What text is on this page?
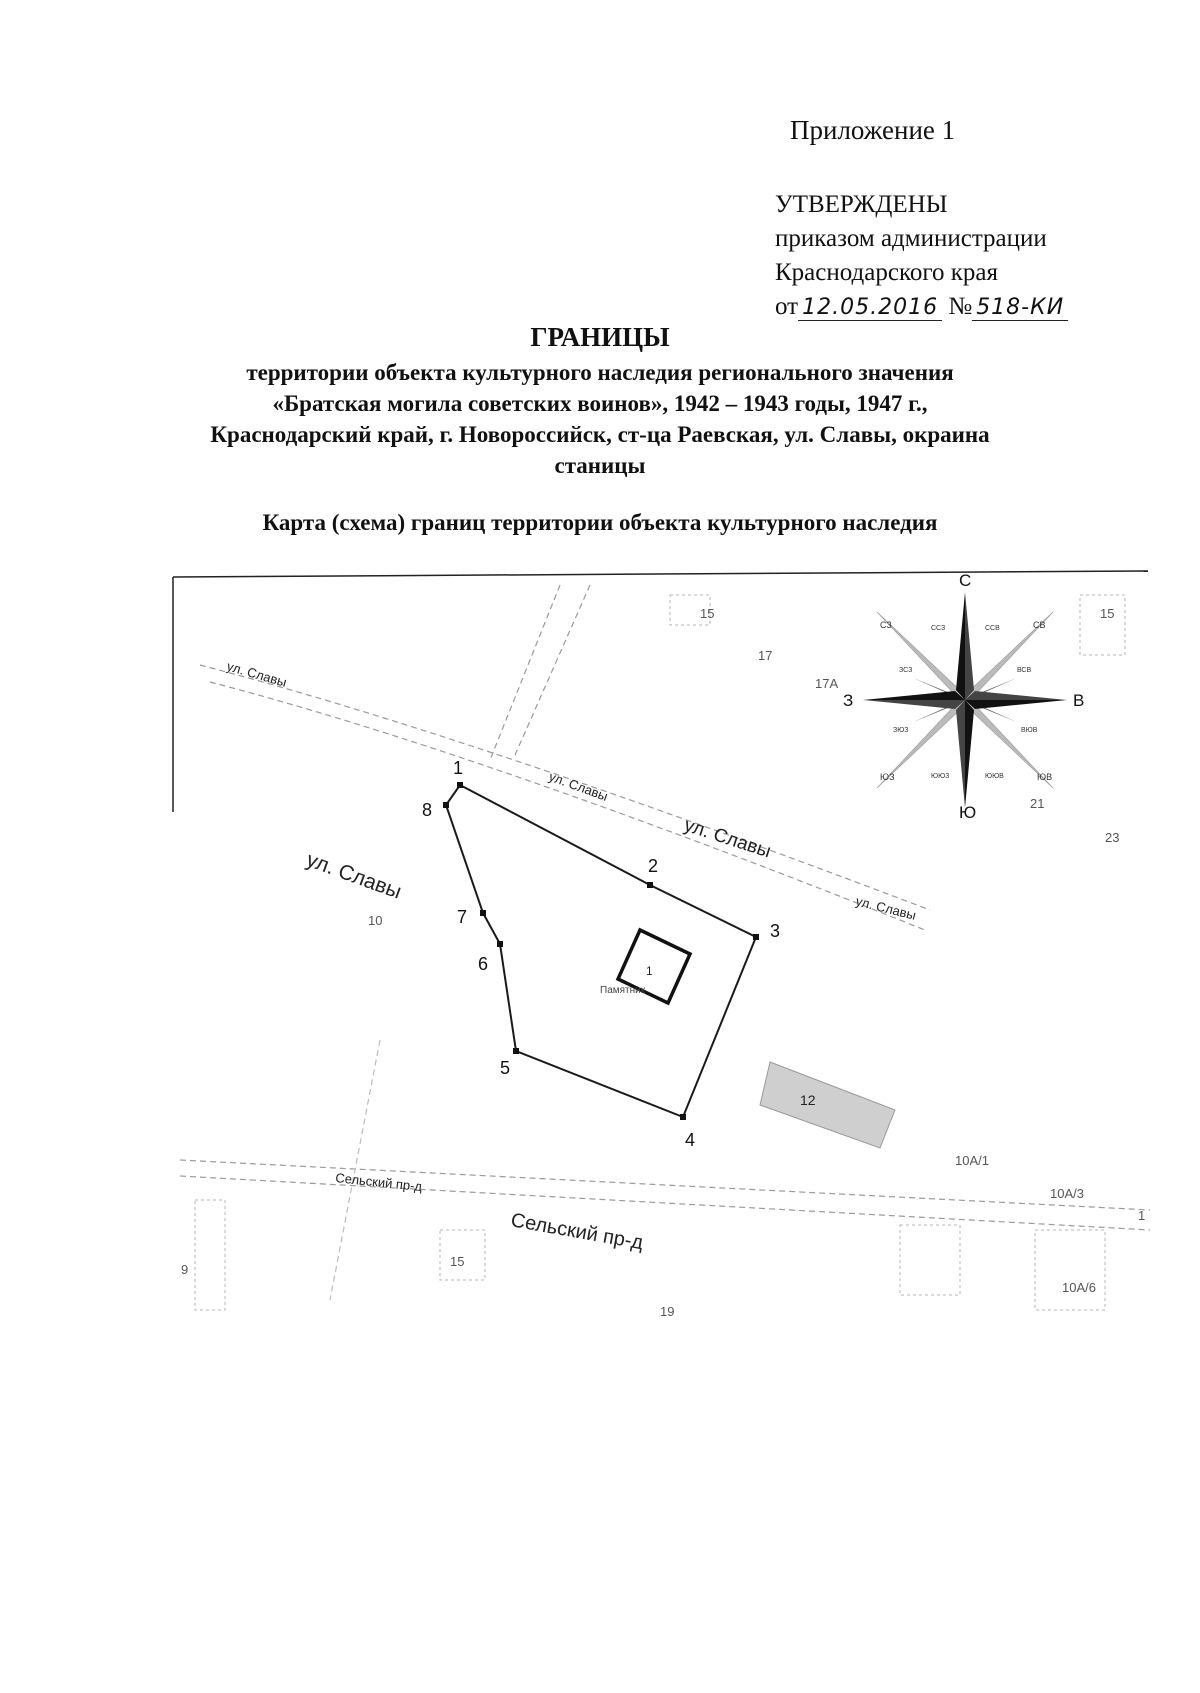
Приложение 1
УТВЕРЖДЕНЫ
приказом администрации
Краснодарского края
от 12.05.2016 № 518-КИ
ГРАНИЦЫ
территории объекта культурного наследия регионального значения
«Братская могила советских воинов», 1942 – 1943 годы, 1947 г.,
Краснодарский край, г. Новороссийск, ст-ца Раевская, ул. Славы, окраина
станицы
Карта (схема) границ территории объекта культурного наследия
12
1
2
3
4
5
6
7
8
1
Памятник
ул. Славы
ул. Славы
ул. Славы
ул. Славы
ул. Славы
Сельский пр-д
Сельский пр-д
15	15
17
17А
21
23
10
10А/1
10А/3
10А/6
15
19
9
1
С
Ю
В
З
СЗ	СВ
ЮЗ	ЮВ
ССЗ	ССВ
ЗСЗ	ВСВ
ЗЮЗ	ВЮВ
ЮЮЗ	ЮЮВ
